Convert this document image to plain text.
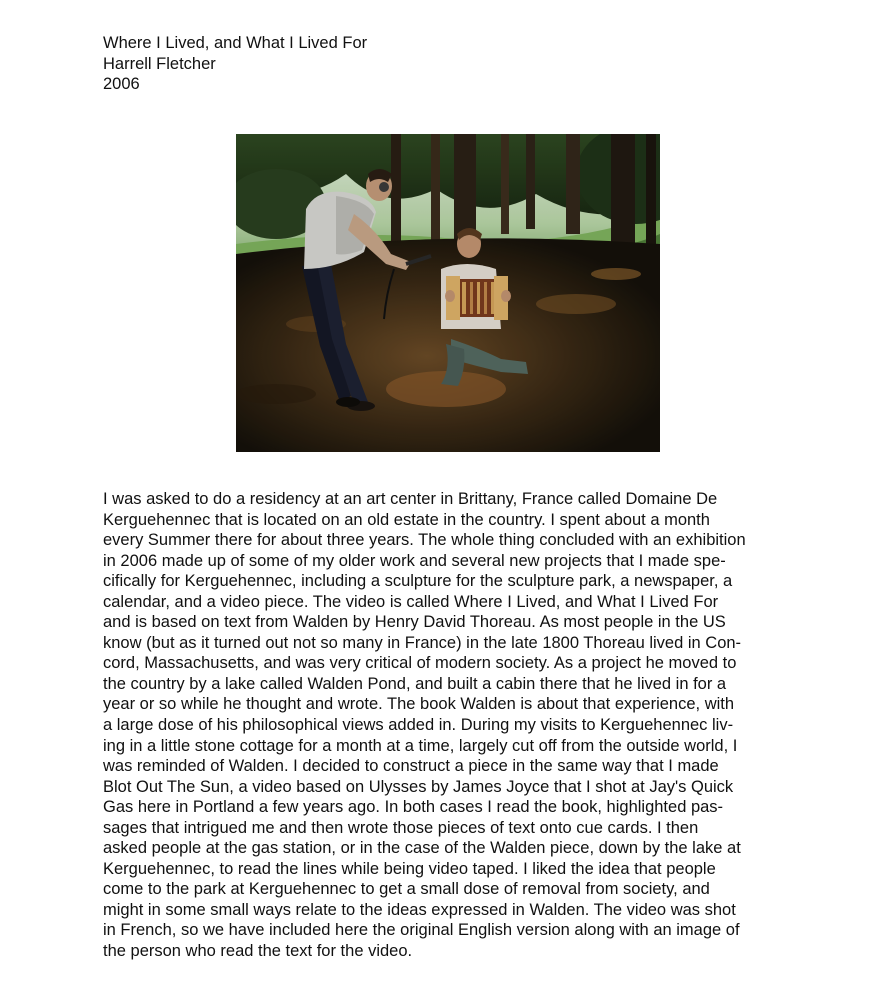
Where I Lived, and What I Lived For
Harrell Fletcher
2006
I was asked to do a residency at an art center in Brittany, France called Domaine De
Kerguehennec that is located on an old estate in the country. I spent about a month
every Summer there for about three years. The whole thing concluded with an exhibition
in 2006 made up of some of my older work and several new projects that I made spe-
cifically for Kerguehennec, including a sculpture for the sculpture park, a newspaper, a
calendar, and a video piece. The video is called Where I Lived, and What I Lived For
and is based on text from Walden by Henry David Thoreau. As most people in the US
know (but as it turned out not so many in France) in the late 1800 Thoreau lived in Con-
cord, Massachusetts, and was very critical of modern society. As a project he moved to
the country by a lake called Walden Pond, and built a cabin there that he lived in for a
year or so while he thought and wrote. The book Walden is about that experience, with
a large dose of his philosophical views added in. During my visits to Kerguehennec liv-
ing in a little stone cottage for a month at a time, largely cut off from the outside world, I
was reminded of Walden. I decided to construct a piece in the same way that I made
Blot Out The Sun, a video based on Ulysses by James Joyce that I shot at Jay's Quick
Gas here in Portland a few years ago. In both cases I read the book, highlighted pas-
sages that intrigued me and then wrote those pieces of text onto cue cards. I then
asked people at the gas station, or in the case of the Walden piece, down by the lake at
Kerguehennec, to read the lines while being video taped. I liked the idea that people
come to the park at Kerguehennec to get a small dose of removal from society, and
might in some small ways relate to the ideas expressed in Walden. The video was shot
in French, so we have included here the original English version along with an image of
the person who read the text for the video.
